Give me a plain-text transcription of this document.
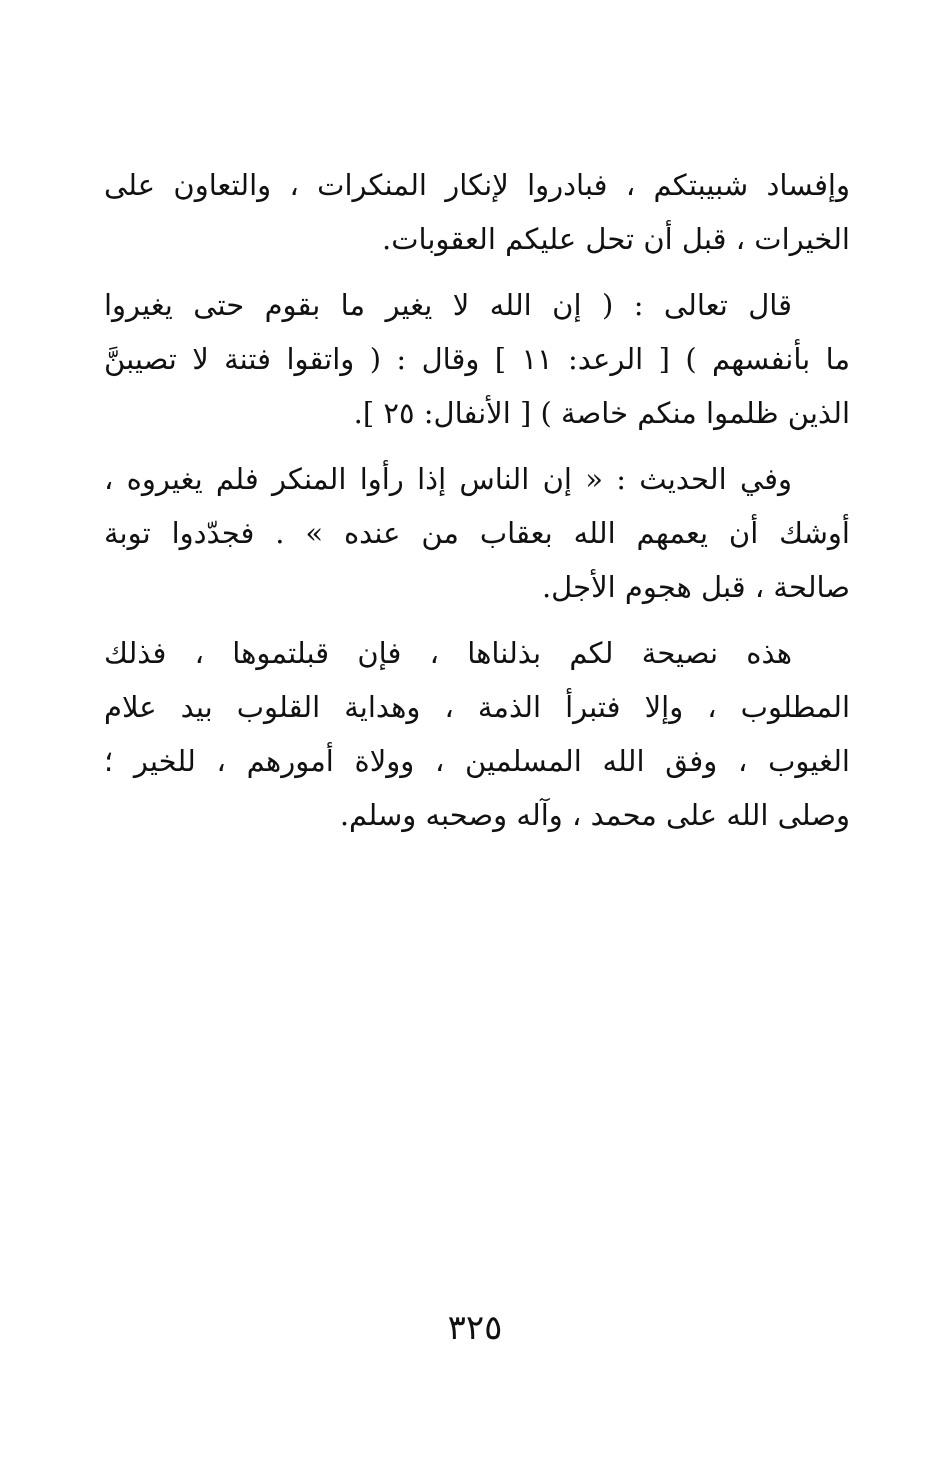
وإفساد شبيبتكم ، فبادروا لإنكار المنكرات ، والتعاون على
الخيرات ، قبل أن تحل عليكم العقوبات.

قال تعالى : ( إن الله لا يغير ما بقوم حتى يغيروا
ما بأنفسهم ) [ الرعد: ١١ ] وقال : ( واتقوا فتنة لا تصيبنَّ
الذين ظلموا منكم خاصة ) [ الأنفال: ٢٥ ].

وفي الحديث : « إن الناس إذا رأوا المنكر فلم يغيروه ،
أوشك أن يعمهم الله بعقاب من عنده » . فجدّدوا توبة
صالحة ، قبل هجوم الأجل.

هذه نصيحة لكم بذلناها ، فإن قبلتموها ، فذلك
المطلوب ، وإلا فتبرأ الذمة ، وهداية القلوب بيد علام
الغيوب ، وفق الله المسلمين ، وولاة أمورهم ، للخير ؛
وصلى الله على محمد ، وآله وصحبه وسلم.

٣٢٥
